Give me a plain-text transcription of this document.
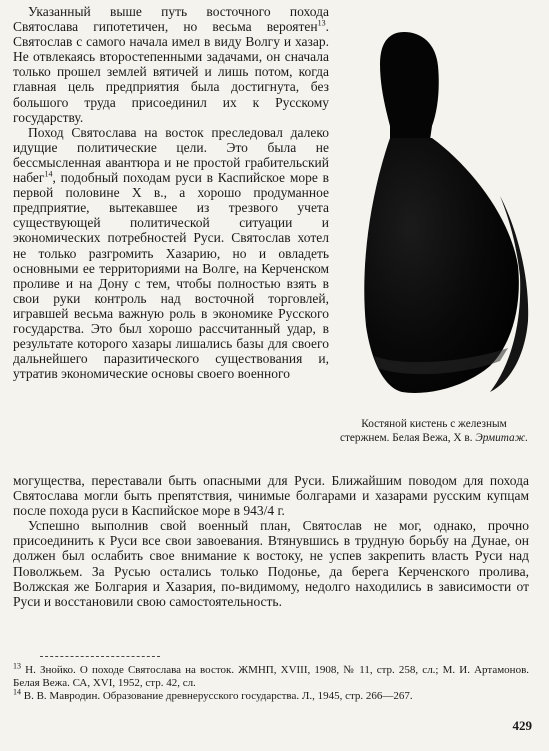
Указанный выше путь восточного похода Святослава гипотетичен, но весьма вероятен$^{13}$. Святослав с самого начала имел в виду Волгу и хазар. Не отвлекаясь второстепенными задачами, он сначала только прошел землей вятичей и лишь потом, когда главная цель предприятия была достигнута, без большого труда присоединил их к Русскому государству.

Поход Святослава на восток преследовал далеко идущие политические цели. Это была не бессмысленная авантюра и не простой грабительский набег$^{14}$, подобный походам руси в Каспийское море в первой половине X в., а хорошо продуманное предприятие, вытекавшее из трезвого учета существующей политической ситуации и экономических потребностей Руси. Святослав хотел не только разгромить Хазарию, но и овладеть основными ее территориями на Волге, на Керченском проливе и на Дону с тем, чтобы полностью взять в свои руки контроль над восточной торговлей, игравшей весьма важную роль в экономике Русского государства. Это был хорошо рассчитанный удар, в результате которого хазары лишались базы для своего дальнейшего паразитического существования и, утратив экономические основы своего военного

Костяной кистень с железным стержнем. Белая Вежа, X в. Эрмитаж.

могущества, переставали быть опасными для Руси. Ближайшим поводом для похода Святослава могли быть препятствия, чинимые болгарами и хазарами русским купцам после похода руси в Каспийское море в 943/4 г.

Успешно выполнив свой военный план, Святослав не мог, однако, прочно присоединить к Руси все свои завоевания. Втянувшись в трудную борьбу на Дунае, он должен был ослабить свое внимание к востоку, не успев закрепить власть Руси над Поволжьем. За Русью остались только Подонье, да берега Керченского пролива, Волжская же Болгария и Хазария, по-видимому, недолго находились в зависимости от Руси и восстановили свою самостоятельность.

$^{13}$ Н. Знойко. О походе Святослава на восток. ЖМНП, XVIII, 1908, № 11, стр. 258, сл.; М. И. Артамонов. Белая Вежа. СА, XVI, 1952, стр. 42, сл.
$^{14}$ В. В. Мавродин. Образование древнерусского государства. Л., 1945, стр. 266—267.
429
